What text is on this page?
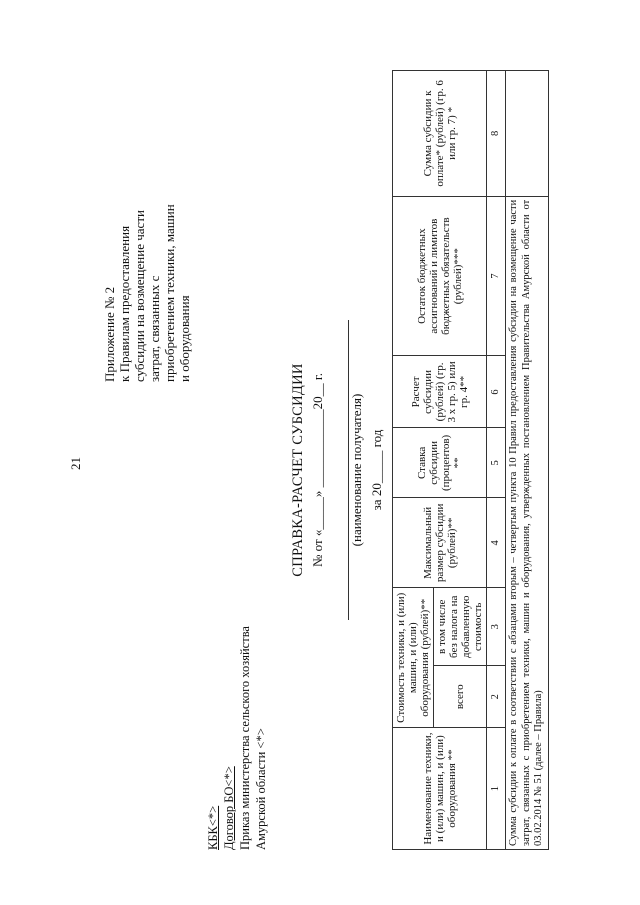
21
Приложение № 2 к Правилам предоставления субсидии на возмещение части затрат, связанных с приобретением техники, машин и оборудования
КБК<*> Договор БО<*> Приказ министерства сельского хозяйства Амурской области <*>
СПРАВКА-РАСЧЕТ СУБСИДИИ № от «_____» ____________20__ г. (наименование получателя) за 20_____ год
Наименование техники, и (или) машин, и (или) оборудования **	Стоимость техники, и (или) машин, и (или) оборудования (рублей)**		Максимальный размер субсидии (рублей)**	Ставка субсидии (процентов) **	Расчет субсидии (рублей) (гр. 3 х гр. 5) или гр. 4**	Остаток бюджетных ассигнований и лимитов бюджетных обязательств (рублей)***	Сумма субсидии к оплате* (рублей) (гр. 6 или гр. 7) *
	всего	в том числе без налога на добавленную стоимость					
1	2	3	4	5	6	7	8
Сумма субсидии к оплате в соответствии с абзацами вторым – четвертым пункта 10 Правил предоставления субсидии на возмещение части затрат, связанных с приобретением техники, машин и оборудования, утвержденных постановлением Правительства Амурской области от 03.02.2014 № 51 (далее – Правила)							
